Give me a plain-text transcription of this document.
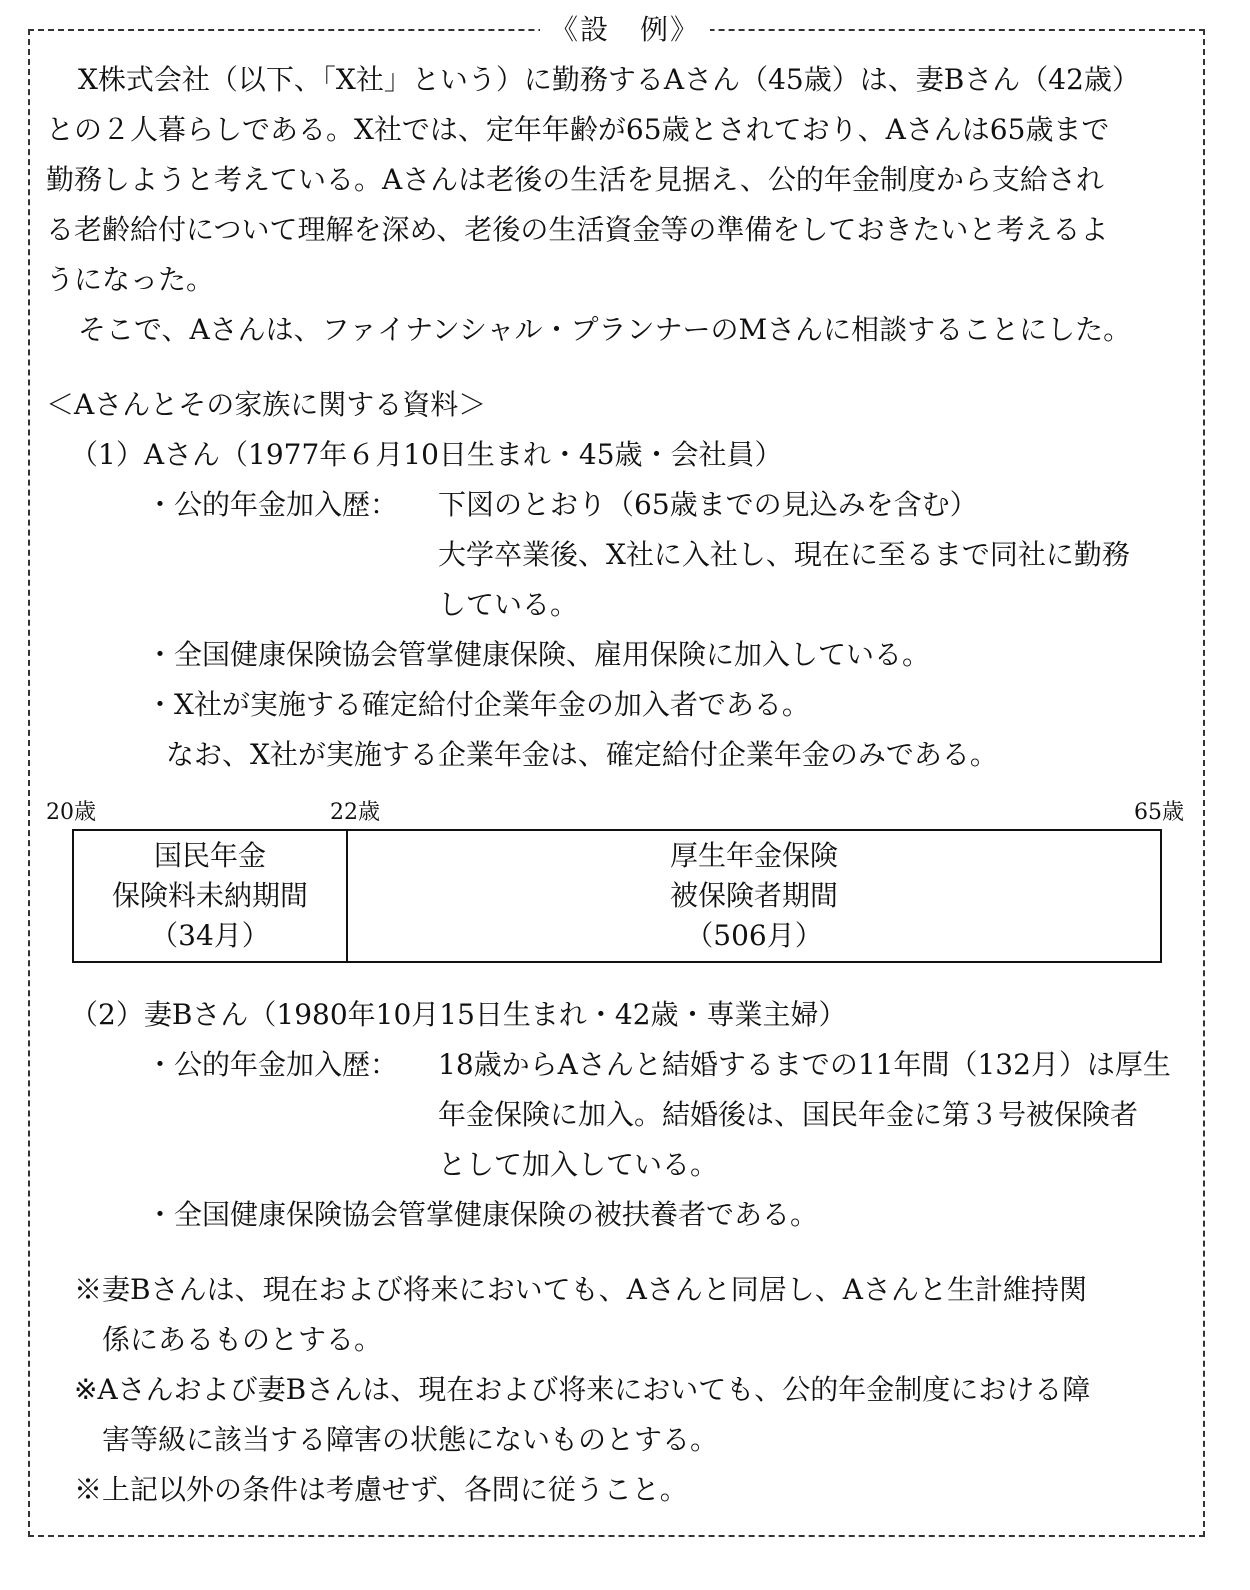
《設　例》
X株式会社（以下、「X社」という）に勤務するAさん（45歳）は、妻Bさん（42歳）
との２人暮らしである。X社では、定年年齢が65歳とされており、Aさんは65歳まで
勤務しようと考えている。Aさんは老後の生活を見据え、公的年金制度から支給され
る老齢給付について理解を深め、老後の生活資金等の準備をしておきたいと考えるよ
うになった。
そこで、Aさんは、ファイナンシャル・プランナーのMさんに相談することにした。
＜Aさんとその家族に関する資料＞
（1）Aさん（1977年６月10日生まれ・45歳・会社員）
・公的年金加入歴： 下図のとおり（65歳までの見込みを含む）
大学卒業後、X社に入社し、現在に至るまで同社に勤務
している。
・全国健康保険協会管掌健康保険、雇用保険に加入している。
・X社が実施する確定給付企業年金の加入者である。
なお、X社が実施する企業年金は、確定給付企業年金のみである。
20歳	22歳	65歳
国民年金
保険料未納期間
（34月）
厚生年金保険
被保険者期間
（506月）
（2）妻Bさん（1980年10月15日生まれ・42歳・専業主婦）
・公的年金加入歴： 18歳からAさんと結婚するまでの11年間（132月）は厚生
年金保険に加入。結婚後は、国民年金に第３号被保険者
として加入している。
・全国健康保険協会管掌健康保険の被扶養者である。
※妻Bさんは、現在および将来においても、Aさんと同居し、Aさんと生計維持関
係にあるものとする。
※Aさんおよび妻Bさんは、現在および将来においても、公的年金制度における障
害等級に該当する障害の状態にないものとする。
※上記以外の条件は考慮せず、各問に従うこと。
